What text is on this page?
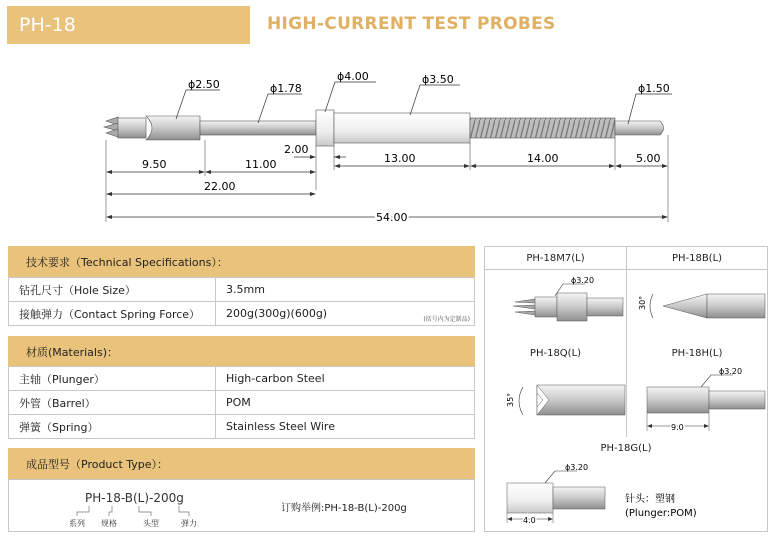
PH-18	HIGH-CURRENT TEST PROBES
ϕ2.50	ϕ1.78
ϕ4.00	ϕ3.50
ϕ1.50
9.50	11.00
2.00
13.00	14.00	5.00
22.00
54.00
技术要求（Technical Specifications）：
钻孔尺寸（Hole Size）	3.5mm
接触弹力（Contact Spring Force）	200g(300g)(600g) (括号内为定制品)
材质(Materials)：
主轴（Plunger）	High-carbon Steel
外管（Barrel）	POM
弹簧（Spring）	Stainless Steel Wire
成品型号（Product Type）：
PH-18-B(L)-200g
系列 规格	头型	弹力
订购举例:PH-18-B(L)-200g
PH-18M7(L)	PH-18B(L)
PH-18Q(L)	PH-18H(L)
PH-18G(L)
ϕ3.20
30°
35°
ϕ3.20
9.0
ϕ3.20
4.0
针头：塑钢
(Plunger:POM)
